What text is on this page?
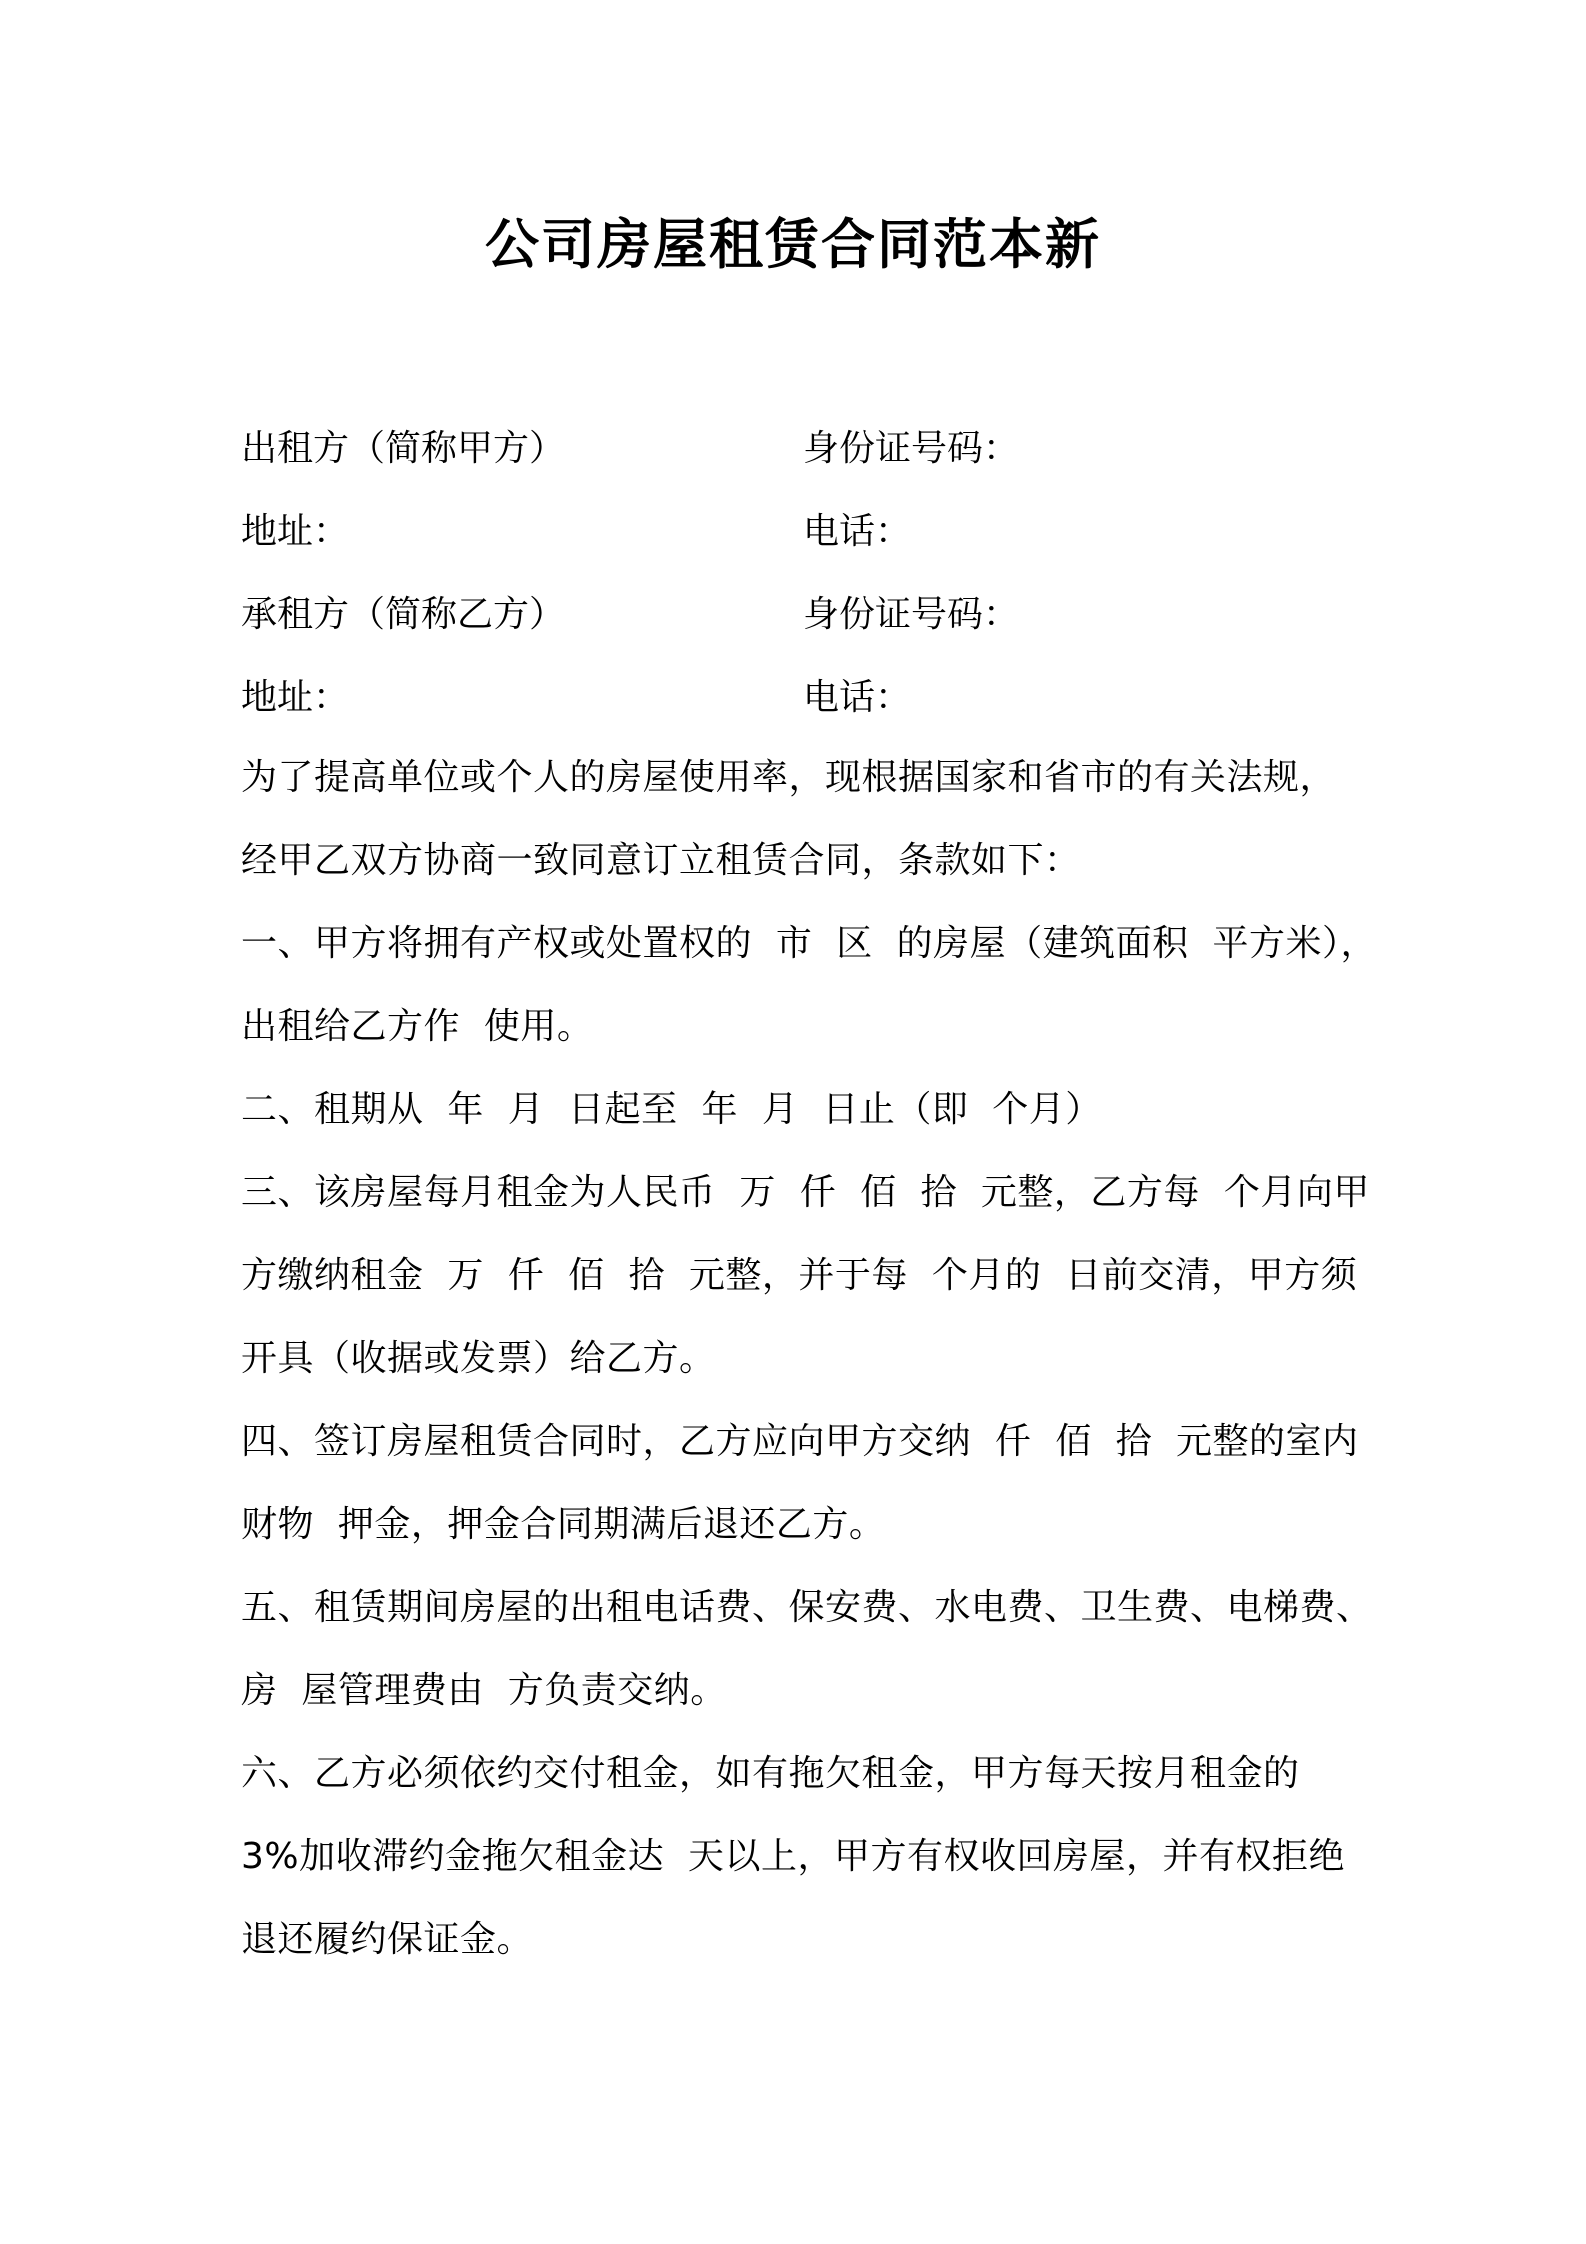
公司房屋租赁合同范本新
出租方（简称甲方）	身份证号码：
地址：	电话：
承租方（简称乙方）	身份证号码：
地址：	电话：
为了提高单位或个人的房屋使用率，现根据国家和省市的有关法规，
经甲乙双方协商一致同意订立租赁合同，条款如下：
一、甲方将拥有产权或处置权的  市  区  的房屋（建筑面积  平方米），
出租给乙方作  使用。
二、租期从  年  月  日起至  年  月  日止（即  个月）
三、该房屋每月租金为人民币  万  仟  佰  拾  元整，乙方每  个月向甲
方缴纳租金  万  仟  佰  拾  元整，并于每  个月的  日前交清，甲方须
开具（收据或发票）给乙方。
四、签订房屋租赁合同时，乙方应向甲方交纳  仟  佰  拾  元整的室内
财物  押金，押金合同期满后退还乙方。
五、租赁期间房屋的出租电话费、保安费、水电费、卫生费、电梯费、
房  屋管理费由  方负责交纳。
六、乙方必须依约交付租金，如有拖欠租金，甲方每天按月租金的
3%加收滞约金拖欠租金达  天以上，甲方有权收回房屋，并有权拒绝
退还履约保证金。
